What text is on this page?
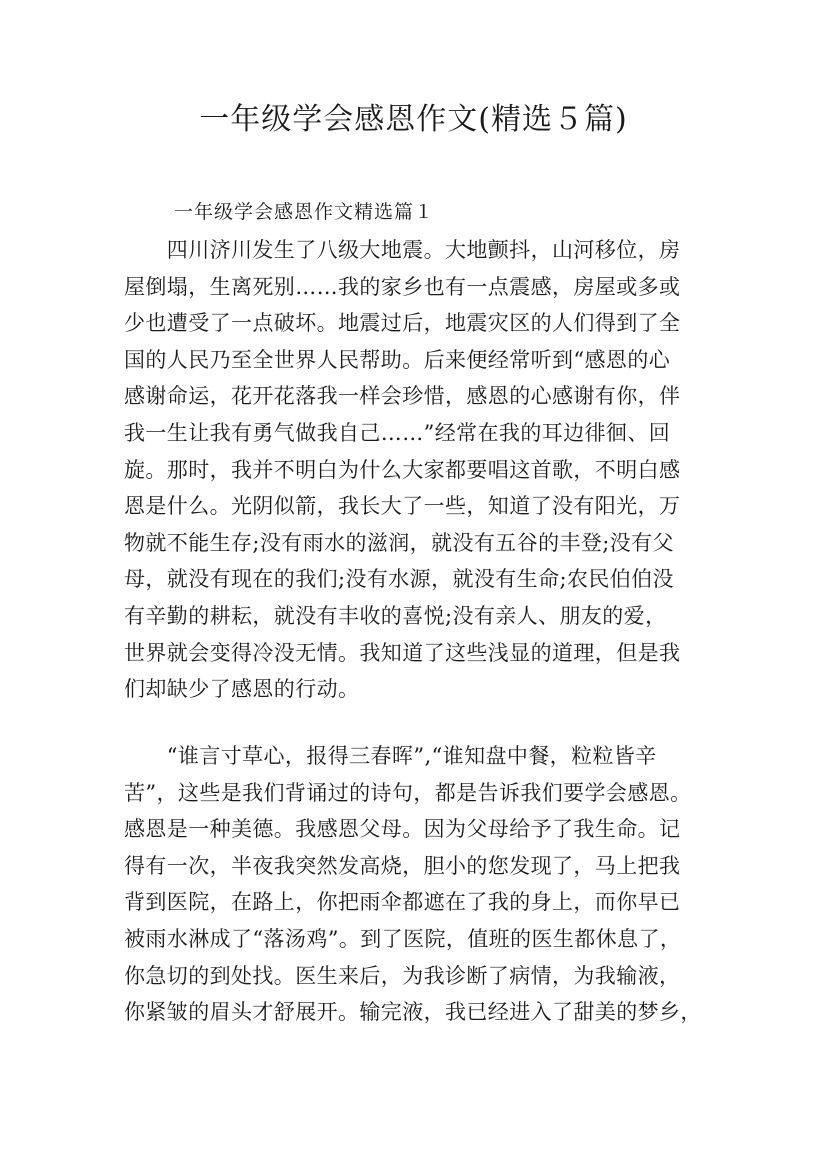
一年级学会感恩作文(精选５篇)

一年级学会感恩作文精选篇１

　　四川济川发生了八级大地震。大地颤抖，山河移位，房
屋倒塌，生离死别……我的家乡也有一点震感，房屋或多或
少也遭受了一点破坏。地震过后，地震灾区的人们得到了全
国的人民乃至全世界人民帮助。后来便经常听到“感恩的心
感谢命运，花开花落我一样会珍惜，感恩的心感谢有你，伴
我一生让我有勇气做我自己……”经常在我的耳边徘徊、回
旋。那时，我并不明白为什么大家都要唱这首歌，不明白感
恩是什么。光阴似箭，我长大了一些，知道了没有阳光，万
物就不能生存;没有雨水的滋润，就没有五谷的丰登;没有父
母，就没有现在的我们;没有水源，就没有生命;农民伯伯没
有辛勤的耕耘，就没有丰收的喜悦;没有亲人、朋友的爱，
世界就会变得冷没无情。我知道了这些浅显的道理，但是我
们却缺少了感恩的行动。
　　“谁言寸草心，报得三春晖”,“谁知盘中餐，粒粒皆辛
苦”，这些是我们背诵过的诗句，都是告诉我们要学会感恩。
感恩是一种美德。我感恩父母。因为父母给予了我生命。记
得有一次，半夜我突然发高烧，胆小的您发现了，马上把我
背到医院，在路上，你把雨伞都遮在了我的身上，而你早已
被雨水淋成了“落汤鸡”。到了医院，值班的医生都休息了，
你急切的到处找。医生来后，为我诊断了病情，为我输液，
你紧皱的眉头才舒展开。输完液，我已经进入了甜美的梦乡，
